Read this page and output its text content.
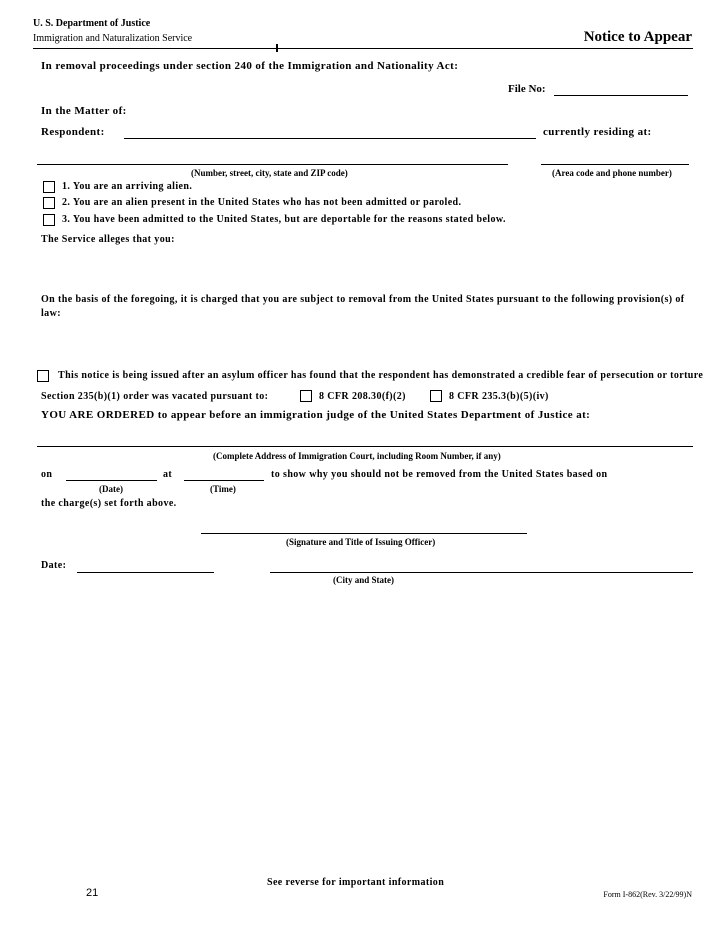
U. S. Department of Justice
Immigration and Naturalization Service	Notice to Appear
In removal proceedings under section 240 of the Immigration and Nationality Act:
File No:
In the Matter of:
Respondent:	currently residing at:
(Number, street, city, state and ZIP code)	(Area code and phone number)
1. You are an arriving alien.
2. You are an alien present in the United States who has not been admitted or paroled.
3. You have been admitted to the United States, but are deportable for the reasons stated below.
The Service alleges that you:
On the basis of the foregoing, it is charged that you are subject to removal from the United States pursuant to the following provision(s) of
law:
This notice is being issued after an asylum officer has found that the respondent has demonstrated a credible fear of persecution or torture
Section 235(b)(1) order was vacated pursuant to:	8 CFR 208.30(f)(2)	8 CFR 235.3(b)(5)(iv)
YOU ARE ORDERED to appear before an immigration judge of the United States Department of Justice at:
(Complete Address of Immigration Court, including Room Number, if any)
on	at	to show why you should not be removed from the United States based on
(Date)	(Time)
the charge(s) set forth above.
(Signature and Title of Issuing Officer)
Date:
(City and State)
See reverse for important information
21	Form I-862(Rev. 3/22/99)N
